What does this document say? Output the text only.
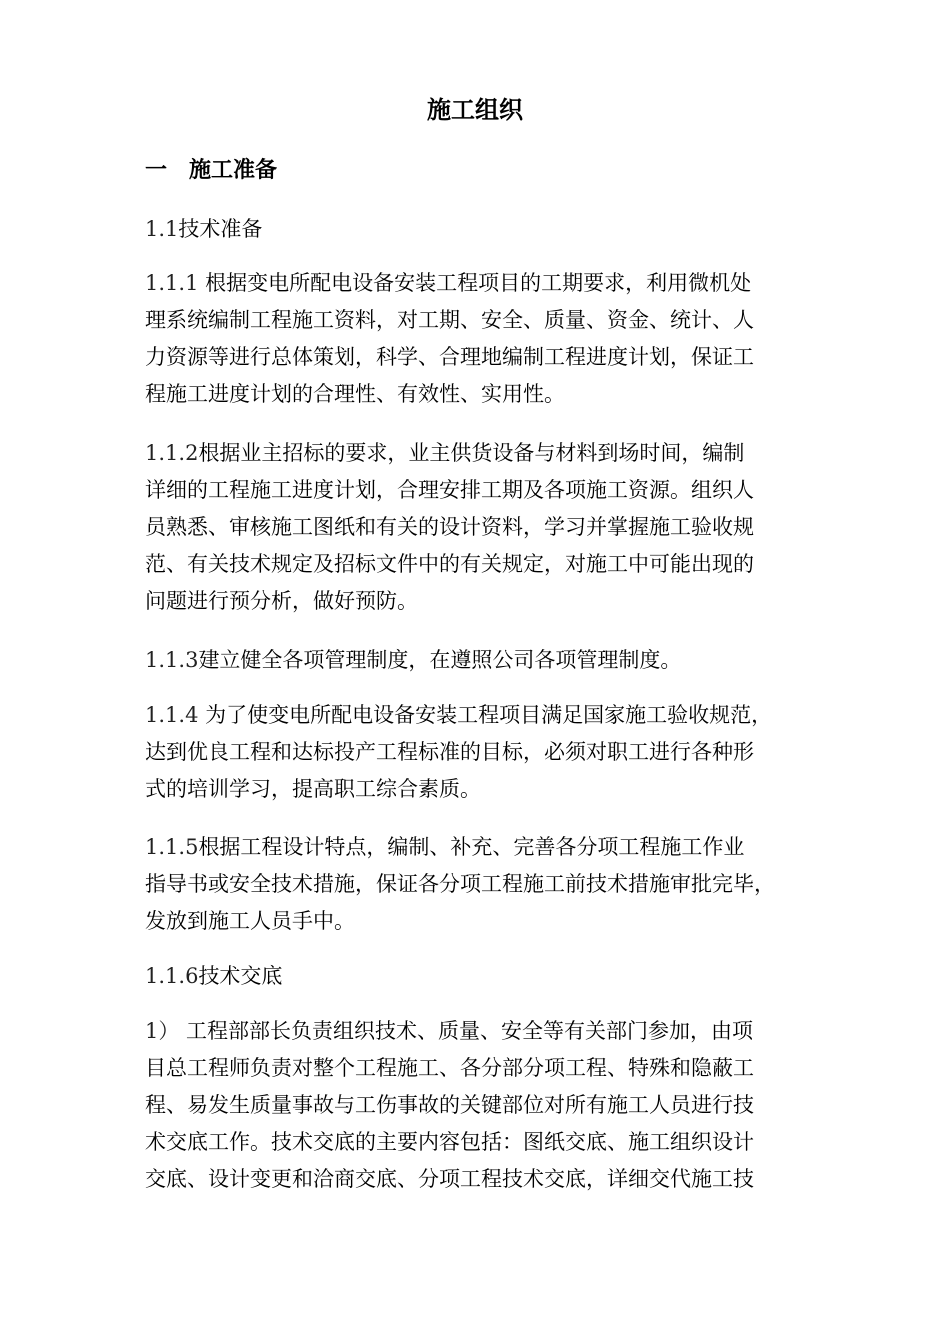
施工组织
一 施工准备

1.1技术准备

1.1.1 根据变电所配电设备安装工程项目的工期要求，利用微机处
理系统编制工程施工资料，对工期、安全、质量、资金、统计、人
力资源等进行总体策划，科学、合理地编制工程进度计划，保证工
程施工进度计划的合理性、有效性、实用性。

1.1.2根据业主招标的要求，业主供货设备与材料到场时间，编制
详细的工程施工进度计划，合理安排工期及各项施工资源。组织人
员熟悉、审核施工图纸和有关的设计资料，学习并掌握施工验收规
范、有关技术规定及招标文件中的有关规定，对施工中可能出现的
问题进行预分析，做好预防。

1.1.3建立健全各项管理制度，在遵照公司各项管理制度。

1.1.4 为了使变电所配电设备安装工程项目满足国家施工验收规范，
达到优良工程和达标投产工程标准的目标，必须对职工进行各种形
式的培训学习，提高职工综合素质。

1.1.5根据工程设计特点，编制、补充、完善各分项工程施工作业
指导书或安全技术措施，保证各分项工程施工前技术措施审批完毕，
发放到施工人员手中。

1.1.6技术交底

1） 工程部部长负责组织技术、质量、安全等有关部门参加，由项
目总工程师负责对整个工程施工、各分部分项工程、特殊和隐蔽工
程、易发生质量事故与工伤事故的关键部位对所有施工人员进行技
术交底工作。技术交底的主要内容包括：图纸交底、施工组织设计
交底、设计变更和洽商交底、分项工程技术交底，详细交代施工技
